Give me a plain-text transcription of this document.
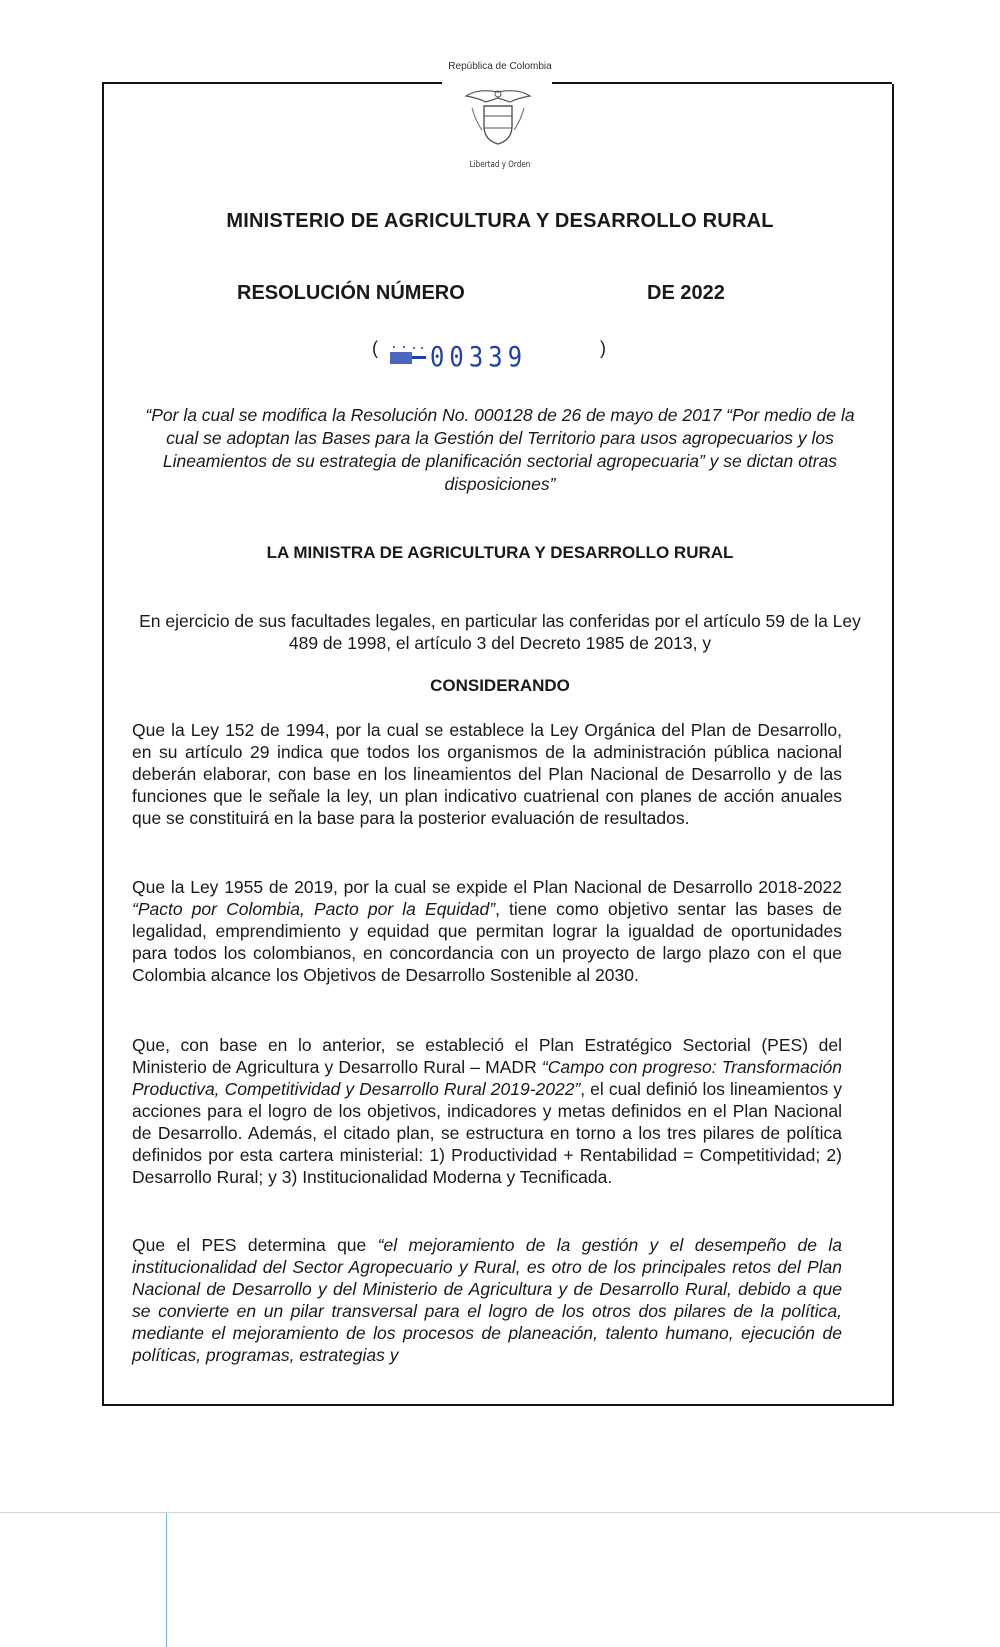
República de Colombia
Libertad y Orden
MINISTERIO DE AGRICULTURA Y DESARROLLO RURAL
RESOLUCIÓN NÚMERO	DE 2022
( 00339	)
“Por la cual se modifica la Resolución No. 000128 de 26 de mayo de 2017 “Por medio de la cual se adoptan las Bases para la Gestión del Territorio para usos agropecuarios y los Lineamientos de su estrategia de planificación sectorial agropecuaria” y se dictan otras disposiciones”
LA MINISTRA DE AGRICULTURA Y DESARROLLO RURAL
En ejercicio de sus facultades legales, en particular las conferidas por el artículo 59 de la Ley 489 de 1998, el artículo 3 del Decreto 1985 de 2013, y
CONSIDERANDO
Que la Ley 152 de 1994, por la cual se establece la Ley Orgánica del Plan de Desarrollo, en su artículo 29 indica que todos los organismos de la administración pública nacional deberán elaborar, con base en los lineamientos del Plan Nacional de Desarrollo y de las funciones que le señale la ley, un plan indicativo cuatrienal con planes de acción anuales que se constituirá en la base para la posterior evaluación de resultados.
Que la Ley 1955 de 2019, por la cual se expide el Plan Nacional de Desarrollo 2018-2022 “Pacto por Colombia, Pacto por la Equidad”, tiene como objetivo sentar las bases de legalidad, emprendimiento y equidad que permitan lograr la igualdad de oportunidades para todos los colombianos, en concordancia con un proyecto de largo plazo con el que Colombia alcance los Objetivos de Desarrollo Sostenible al 2030.
Que, con base en lo anterior, se estableció el Plan Estratégico Sectorial (PES) del Ministerio de Agricultura y Desarrollo Rural – MADR “Campo con progreso: Transformación Productiva, Competitividad y Desarrollo Rural 2019-2022”, el cual definió los lineamientos y acciones para el logro de los objetivos, indicadores y metas definidos en el Plan Nacional de Desarrollo. Además, el citado plan, se estructura en torno a los tres pilares de política definidos por esta cartera ministerial: 1) Productividad + Rentabilidad = Competitividad; 2) Desarrollo Rural; y 3) Institucionalidad Moderna y Tecnificada.
Que el PES determina que “el mejoramiento de la gestión y el desempeño de la institucionalidad del Sector Agropecuario y Rural, es otro de los principales retos del Plan Nacional de Desarrollo y del Ministerio de Agricultura y de Desarrollo Rural, debido a que se convierte en un pilar transversal para el logro de los otros dos pilares de la política, mediante el mejoramiento de los procesos de planeación, talento humano, ejecución de políticas, programas, estrategias y
